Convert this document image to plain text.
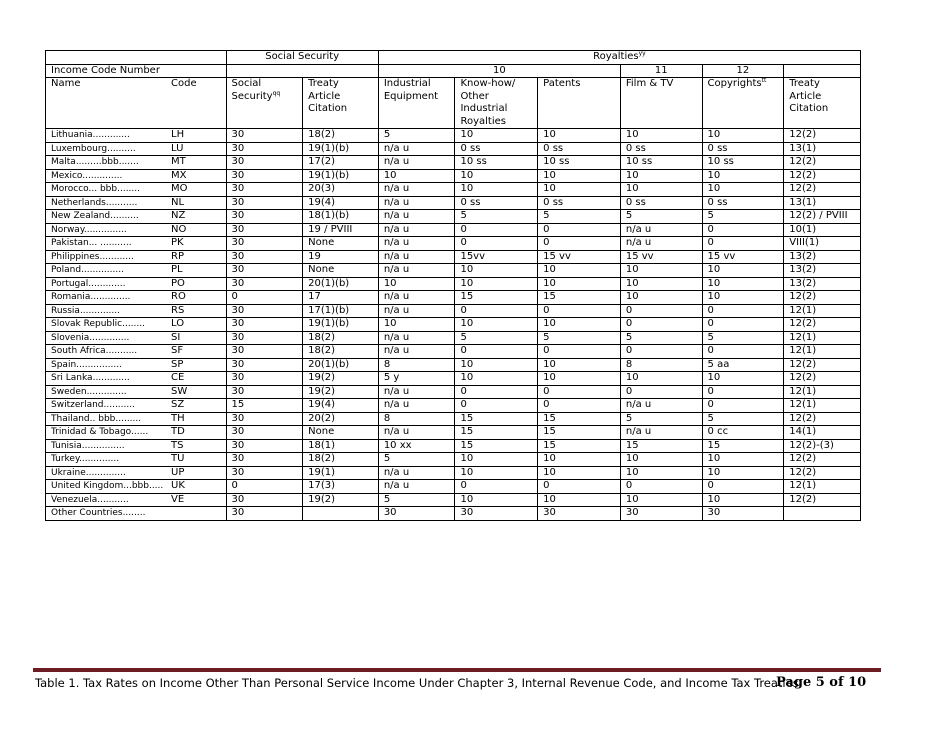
	Social Security		Royalties$^{yy}$
Income Code Number			10			11	12	

Name Code	Social Security$^{qq}$	Treaty Article Citation	Industrial Equipment	Know-how/ Other Industrial Royalties	Patents	Film & TV	Copyrights$^{tt}$	Treaty Article Citation

Lithuania............. LH	30	18(2)	5	10	10	10	10	12(2)

Luxembourg.......... LU	30	19(1)(b)	n/a u	0 ss	0 ss	0 ss	0 ss	13(1)

Malta.........bbb....... MT	30	17(2)	n/a u	10 ss	10 ss	10 ss	10 ss	12(2)

Mexico.............. MX	30	19(1)(b)	10	10	10	10	10	12(2)

Morocco... bbb........ MO	30	20(3)	n/a u	10	10	10	10	12(2)

Netherlands........... NL	30	19(4)	n/a u	0 ss	0 ss	0 ss	0 ss	13(1)

New Zealand.......... NZ	30	18(1)(b)	n/a u	5	5	5	5	12(2) / PVIII

Norway............... NO	30	19 / PVIII	n/a u	0	0	n/a u	0	10(1)

Pakistan... ........... PK	30	None	n/a u	0	0	n/a u	0	VIII(1)

Philippines............ RP	30	19	n/a u	15vv	15 vv	15 vv	15 vv	13(2)

Poland............... PL	30	None	n/a u	10	10	10	10	13(2)

Portugal............. PO	30	20(1)(b)	10	10	10	10	10	13(2)

Romania.............. RO	0	17	n/a u	15	15	10	10	12(2)

Russia.............. RS	30	17(1)(b)	n/a u	0	0	0	0	12(1)

Slovak Republic........ LO	30	19(1)(b)	10	10	10	0	0	12(2)

Slovenia.............. SI	30	18(2)	n/a u	5	5	5	5	12(1)

South Africa........... SF	30	18(2)	n/a u	0	0	0	0	12(1)

Spain................ SP	30	20(1)(b)	8	10	10	8	5 aa	12(2)

Sri Lanka............. CE	30	19(2)	5 y	10	10	10	10	12(2)

Sweden.............. SW	30	19(2)	n/a u	0	0	0	0	12(1)

Switzerland........... SZ	15	19(4)	n/a u	0	0	n/a u	0	12(1)

Thailand.. bbb......... TH	30	20(2)	8	15	15	5	5	12(2)

Trinidad & Tobago...... TD	30	None	n/a u	15	15	n/a u	0 cc	14(1)

Tunisia............... TS	30	18(1)	10 xx	15	15	15	15	12(2)-(3)

Turkey.............. TU	30	18(2)	5	10	10	10	10	12(2)

Ukraine.............. UP	30	19(1)	n/a u	10	10	10	10	12(2)

United Kingdom...bbb..... UK	0	17(3)	n/a u	0	0	0	0	12(1)

Venezuela........... VE	30	19(2)	5	10	10	10	10	12(2)

Other Countries........	30		30	30	30	30	30	
Table 1. Tax Rates on Income Other Than Personal Service Income Under Chapter 3, Internal Revenue Code, and Income Tax Treaties
Page 5 of 10
